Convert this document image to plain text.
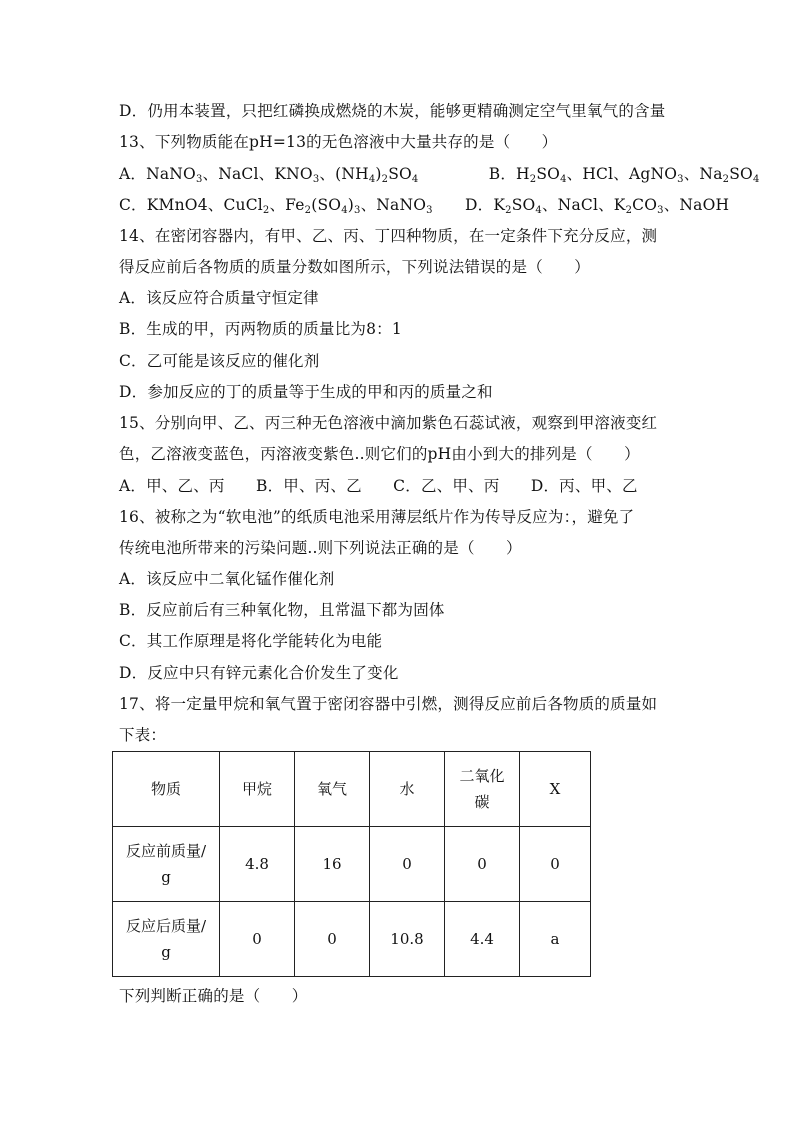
D．仍用本装置，只把红磷换成燃烧的木炭，能够更精确测定空气里氧气的含量
13、下列物质能在pH=13的无色溶液中大量共存的是（　　）
A．NaNO$_3$、NaCl、$KNO_3$、$(NH_4)_2SO_4$	B．$H_2SO_4$、HCl、AgNO$_3$、$Na_2SO_4$
C．KMnO4、CuCl$_2$、$Fe_2(SO_4)_3$、NaNO$_3$ D．$K_2SO_4$、NaCl、$K_2CO_3$、NaOH
14、在密闭容器内，有甲、乙、丙、丁四种物质，在一定条件下充分反应，测
得反应前后各物质的质量分数如图所示，下列说法错误的是（　　）
A．该反应符合质量守恒定律
B．生成的甲，丙两物质的质量比为8：1
C．乙可能是该反应的催化剂
D．参加反应的丁的质量等于生成的甲和丙的质量之和
15、分别向甲、乙、丙三种无色溶液中滴加紫色石蕊试液，观察到甲溶液变红
色，乙溶液变蓝色，丙溶液变紫色..则它们的pH由小到大的排列是（　　）
A．甲、乙、丙　　B．甲、丙、乙　　C．乙、甲、丙　　D．丙、甲、乙
16、被称之为“软电池”的纸质电池采用薄层纸片作为传导反应为：，避免了
传统电池所带来的污染问题..则下列说法正确的是（　　）
A．该反应中二氧化锰作催化剂
B．反应前后有三种氧化物，且常温下都为固体
C．其工作原理是将化学能转化为电能
D．反应中只有锌元素化合价发生了变化
17、将一定量甲烷和氧气置于密闭容器中引燃，测得反应前后各物质的质量如
下表：
物质	甲烷	氧气	水	二氧化
碳	X
反应前质量/
g	4.8	16	0	0	0
反应后质量/
g	0	0	10.8	4.4	a
下列判断正确的是（　　）
